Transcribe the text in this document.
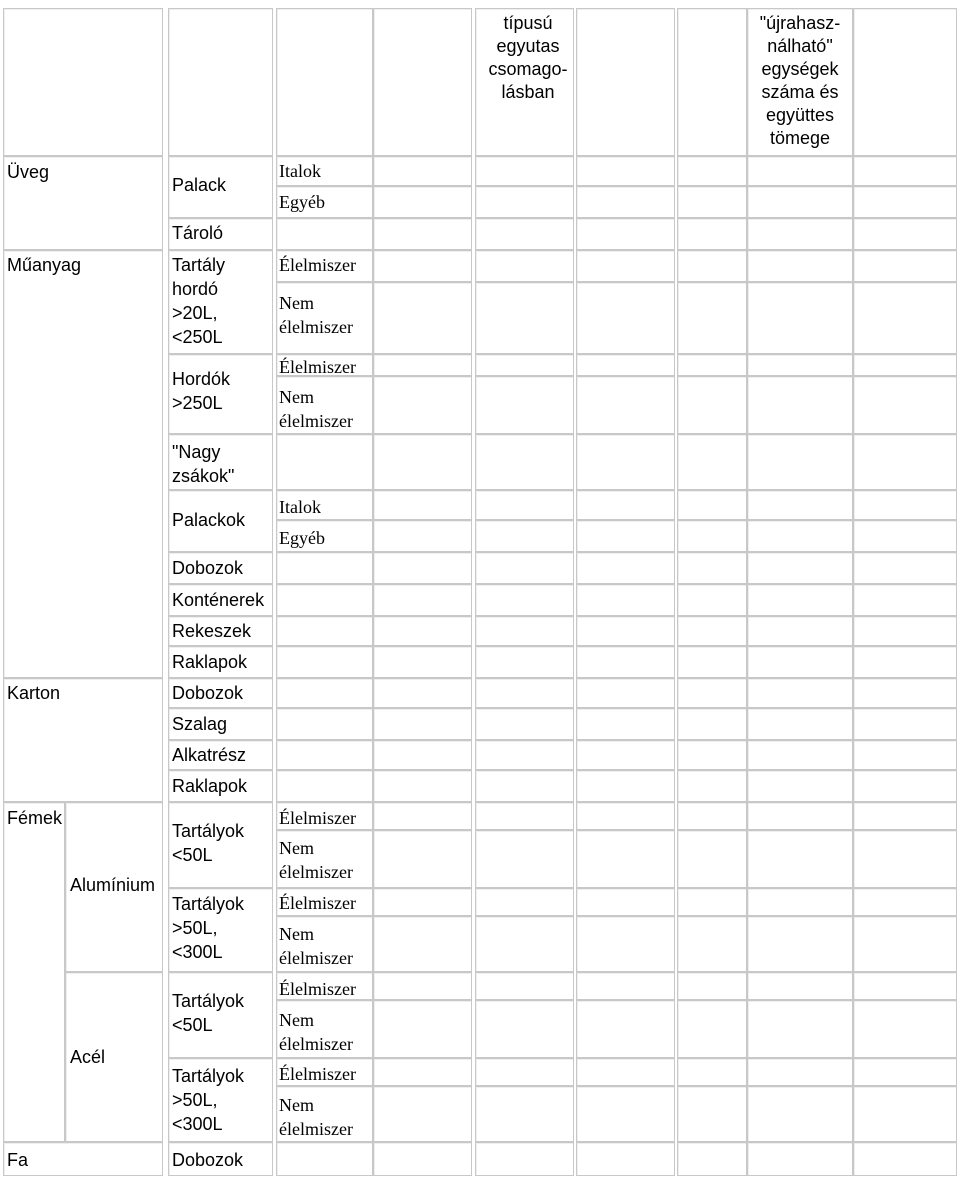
típusú
egyutas
csomago-
lásban
"újrahasz-
nálható"
egységek
száma és
együttes
tömege
Üveg
Műanyag
Karton
Fémek
Fa
Alumínium
Acél
Palack
Tároló
Tartály
hordó
>20L,
<250L
Hordók
>250L
"Nagy
zsákok"
Palackok
Dobozok
Konténerek
Rekeszek
Raklapok
Dobozok
Szalag
Alkatrész
Raklapok
Tartályok
<50L
Tartályok
>50L,
<300L
Tartályok
<50L
Tartályok
>50L,
<300L
Dobozok
Italok
Egyéb
Élelmiszer
Nem
élelmiszer
Élelmiszer
Nem
élelmiszer
Italok
Egyéb
Élelmiszer
Nem
élelmiszer
Élelmiszer
Nem
élelmiszer
Élelmiszer
Nem
élelmiszer
Élelmiszer
Nem
élelmiszer
